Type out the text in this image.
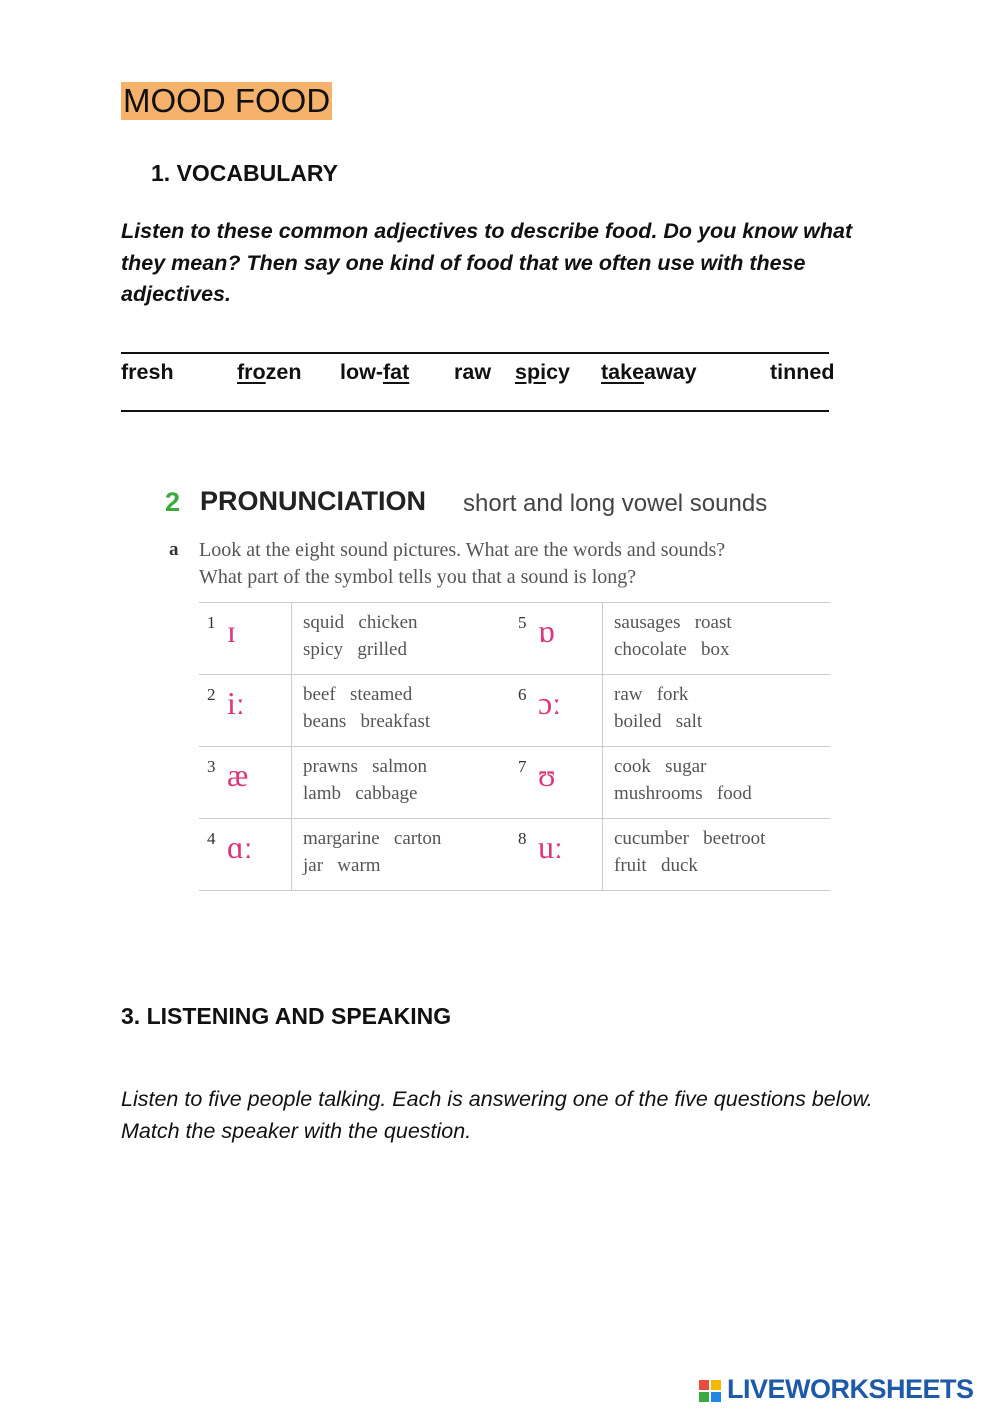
MOOD FOOD
1. VOCABULARY
Listen to these common adjectives to describe food. Do you know what they mean? Then say one kind of food that we often use with these adjectives.
fresh	frozen low-fat raw spicy takeaway	tinned
2 PRONUNCIATION short and long vowel sounds
a Look at the eight sound pictures. What are the words and sounds?
What part of the symbol tells you that a sound is long?
1 ɪ	squid   chicken
spicy   grilled
2 iː	beef   steamed
beans   breakfast
3 æ	prawns   salmon
lamb   cabbage
4 ɑː	margarine   carton
jar   warm
5 ɒ	sausages   roast
chocolate   box
6 ɔː	raw   fork
boiled   salt
7 ʊ	cook   sugar
mushrooms   food
8 uː	cucumber   beetroot
fruit   duck
3. LISTENING AND SPEAKING
Listen to five people talking. Each is answering one of the five questions below. Match the speaker with the question.
LIVEWORKSHEETS
